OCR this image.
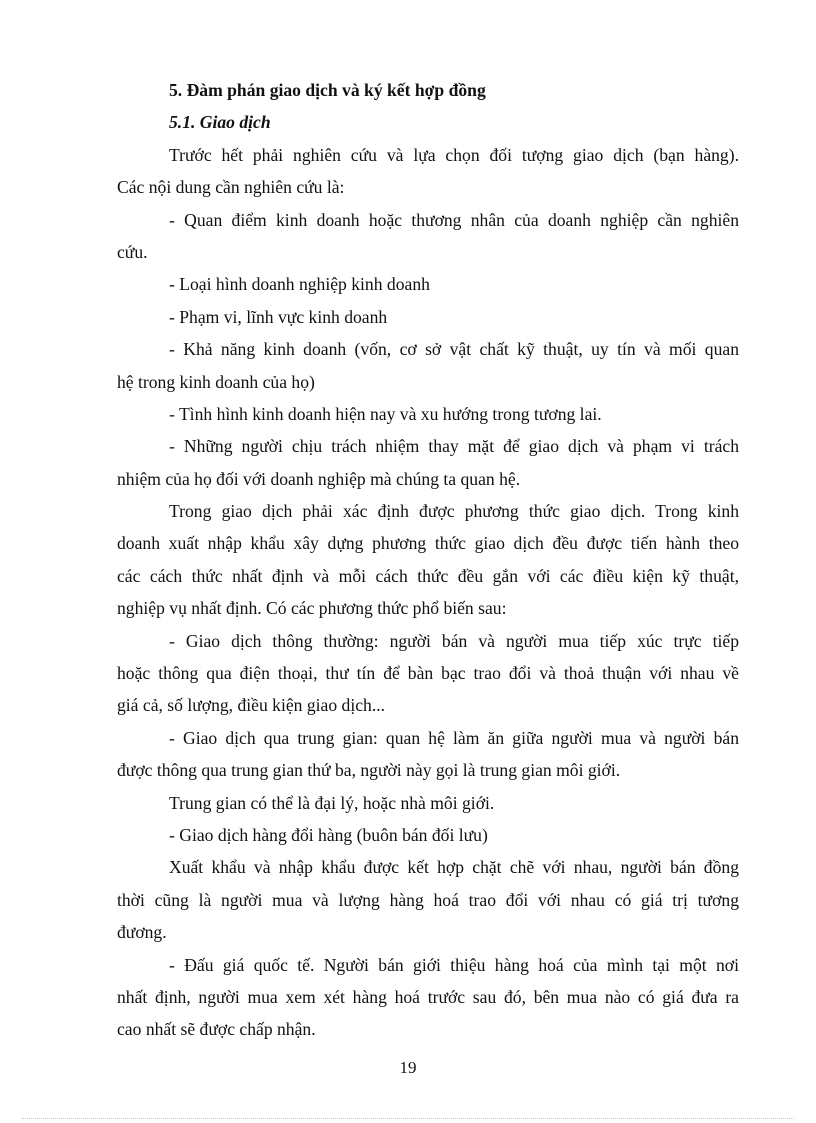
5. Đàm phán giao dịch và ký kết hợp đồng
5.1. Giao dịch
Trước hết phải nghiên cứu và lựa chọn đối tượng giao dịch (bạn hàng).
Các nội dung cần nghiên cứu là:
- Quan điểm kinh doanh hoặc thương nhân của doanh nghiệp cần nghiên
cứu.
- Loại hình doanh nghiệp kinh doanh
- Phạm vi, lĩnh vực kinh doanh
- Khả năng kinh doanh (vốn, cơ sở vật chất kỹ thuật, uy tín và mối quan
hệ trong kinh doanh của họ)
- Tình hình kinh doanh hiện nay và xu hướng trong tương lai.
- Những người chịu trách nhiệm thay mặt để giao dịch và phạm vi trách
nhiệm của họ đối với doanh nghiệp mà chúng ta quan hệ.
Trong giao dịch phải xác định được phương thức giao dịch. Trong kinh
doanh xuất nhập khẩu xây dựng phương thức giao dịch đều được tiến hành theo
các cách thức nhất định và mỗi cách thức đều gắn với các điều kiện kỹ thuật,
nghiệp vụ nhất định. Có các phương thức phổ biến sau:
- Giao dịch thông thường: người bán và người mua tiếp xúc trực tiếp
hoặc thông qua điện thoại, thư tín để bàn bạc trao đổi và thoả thuận với nhau về
giá cả, số lượng, điều kiện giao dịch...
- Giao dịch qua trung gian: quan hệ làm ăn giữa người mua và người bán
được thông qua trung gian thứ ba, người này gọi là trung gian môi giới.
Trung gian có thể là đại lý, hoặc nhà môi giới.
- Giao dịch hàng đổi hàng (buôn bán đối lưu)
Xuất khẩu và nhập khẩu được kết hợp chặt chẽ với nhau, người bán đồng
thời cũng là người mua và lượng hàng hoá trao đổi với nhau có giá trị tương
đương.
- Đấu giá quốc tế. Người bán giới thiệu hàng hoá của mình tại một nơi
nhất định, người mua xem xét hàng hoá trước sau đó, bên mua nào có giá đưa ra
cao nhất sẽ được chấp nhận.
19
